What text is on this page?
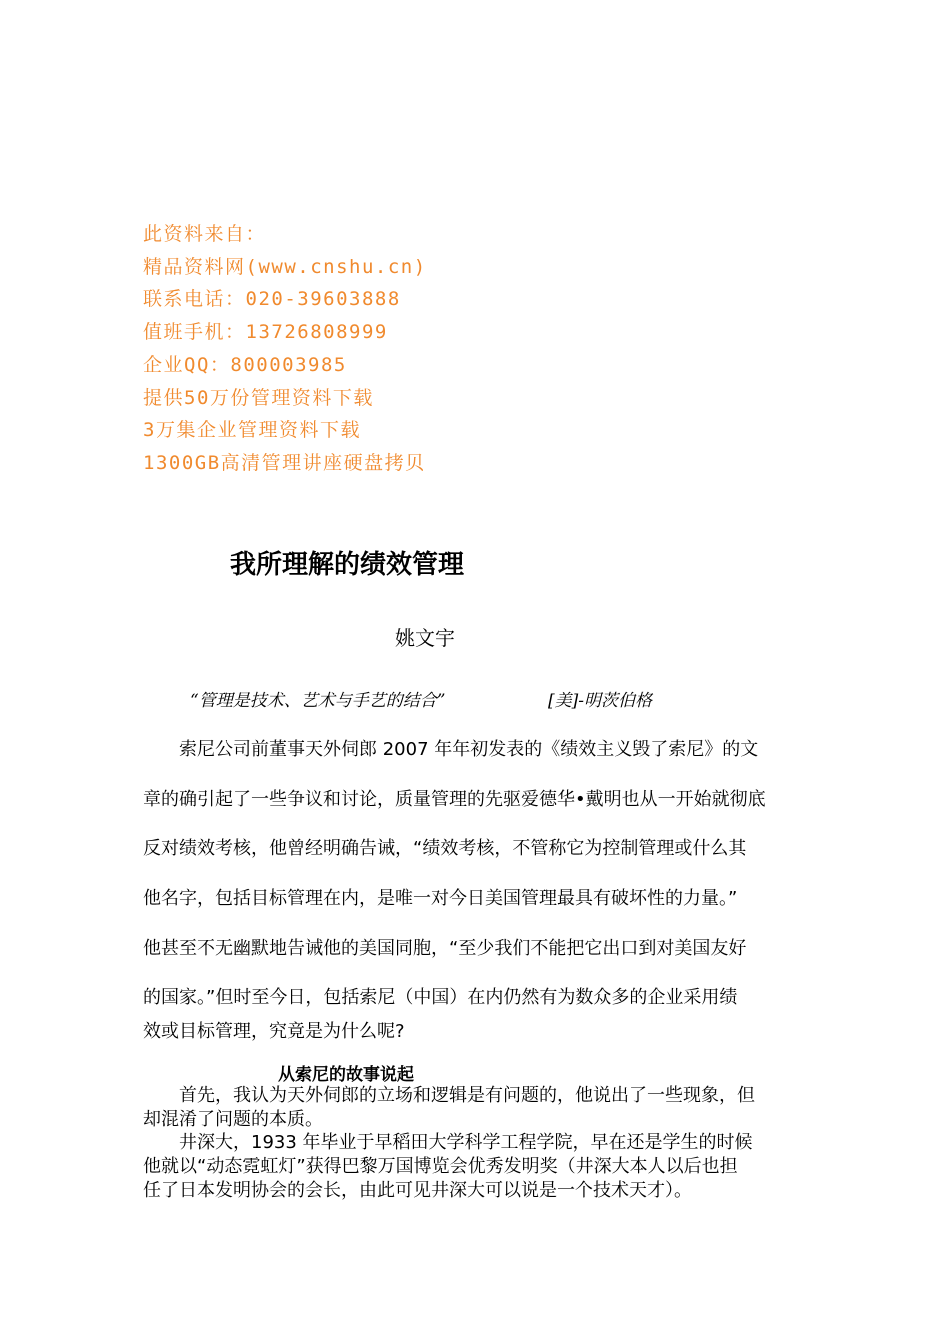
此资料来自：
精品资料网(www.cnshu.cn)
联系电话：020-39603888
值班手机：13726808999
企业QQ：800003985
提供50万份管理资料下载
3万集企业管理资料下载
1300GB高清管理讲座硬盘拷贝
我所理解的绩效管理
姚文宇
“管理是技术、艺术与手艺的结合”	[美]-明茨伯格
　　索尼公司前董事天外伺郎 2007 年年初发表的《绩效主义毁了索尼》的文
章的确引起了一些争议和讨论，质量管理的先驱爱德华•戴明也从一开始就彻底
反对绩效考核，他曾经明确告诫，“绩效考核，不管称它为控制管理或什么其
他名字，包括目标管理在内，是唯一对今日美国管理最具有破坏性的力量。”
他甚至不无幽默地告诫他的美国同胞，“至少我们不能把它出口到对美国友好
的国家。”但时至今日，包括索尼（中国）在内仍然有为数众多的企业采用绩
效或目标管理，究竟是为什么呢?
从索尼的故事说起
　　首先，我认为天外伺郎的立场和逻辑是有问题的，他说出了一些现象，但
却混淆了问题的本质。
　　井深大，1933 年毕业于早稻田大学科学工程学院，早在还是学生的时候
他就以“动态霓虹灯”获得巴黎万国博览会优秀发明奖（井深大本人以后也担
任了日本发明协会的会长，由此可见井深大可以说是一个技术天才）。
